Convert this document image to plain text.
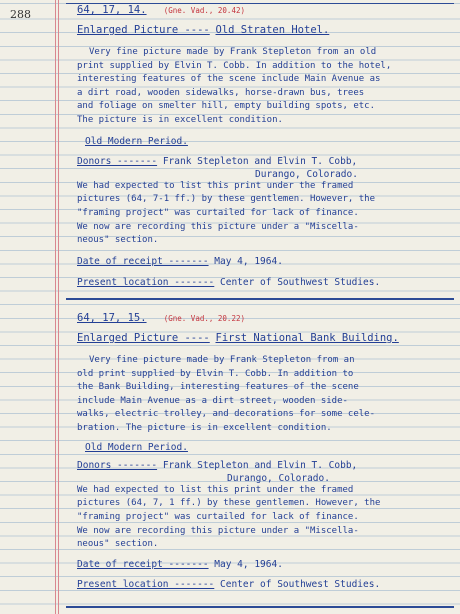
288	64, 17, 14. (Gne. Vad., 20.42)
Enlarged Picture ---- Old Straten Hotel.
Very fine picture made by Frank Stepleton from an old
print supplied by Elvin T. Cobb. In addition to the hotel,
interesting features of the scene include Main Avenue as
a dirt road, wooden sidewalks, horse-drawn bus, trees
and foliage on smelter hill, empty building spots, etc.
The picture is in excellent condition.
Old Modern Period.
Donors ------- Frank Stepleton and Elvin T. Cobb,
Durango, Colorado.
We had expected to list this print under the framed
pictures (64, 7-1 ff.) by these gentlemen. However, the
"framing project" was curtailed for lack of finance.
We now are recording this picture under a "Miscella-
neous" section.
Date of receipt ------- May 4, 1964.
Present location ------- Center of Southwest Studies.
64, 17, 15. (Gne. Vad., 20.22)
Enlarged Picture ---- First National Bank Building.
Very fine picture made by Frank Stepleton from an
old print supplied by Elvin T. Cobb. In addition to
the Bank Building, interesting features of the scene
include Main Avenue as a dirt street, wooden side-
walks, electric trolley, and decorations for some cele-
bration. The picture is in excellent condition.
Old Modern Period.
Donors ------- Frank Stepleton and Elvin T. Cobb,
Durango, Colorado.
We had expected to list this print under the framed
pictures (64, 7, 1 ff.) by these gentlemen. However, the
"framing project" was curtailed for lack of finance.
We now are recording this picture under a "Miscella-
neous" section.
Date of receipt ------- May 4, 1964.
Present location ------- Center of Southwest Studies.
